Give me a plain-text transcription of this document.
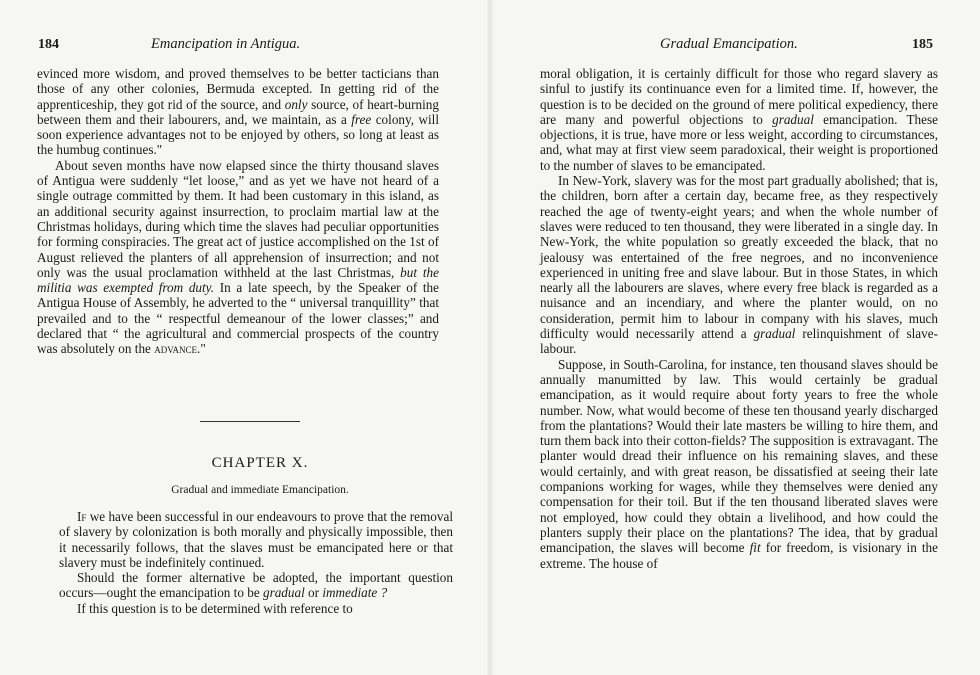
184	Emancipation in Antigua.

evinced more wisdom, and proved themselves to be better tacticians than those of any other colonies, Bermuda excepted. In getting rid of the apprenticeship, they got rid of the source, and only source, of heart-burning between them and their labourers, and, we maintain, as a free colony, will soon experience advantages not to be enjoyed by others, so long at least as the humbug continues."

About seven months have now elapsed since the thirty thousand slaves of Antigua were suddenly “let loose,” and as yet we have not heard of a single outrage committed by them. It had been customary in this island, as an additional security against insurrection, to proclaim martial law at the Christmas holidays, during which time the slaves had peculiar opportunities for forming conspiracies. The great act of justice accomplished on the 1st of August relieved the planters of all apprehension of insurrection; and not only was the usual proclamation withheld at the last Christmas, but the militia was exempted from duty. In a late speech, by the Speaker of the Antigua House of Assembly, he adverted to the “ universal tranquillity” that prevailed and to the “ respectful demeanour of the lower classes;” and declared that “ the agricultural and commercial prospects of the country was absolutely on the advance."

CHAPTER X.
Gradual and immediate Emancipation.

If we have been successful in our endeavours to prove that the removal of slavery by colonization is both morally and physically impossible, then it necessarily follows, that the slaves must be emancipated here or that slavery must be indefinitely continued.

Should the former alternative be adopted, the important question occurs—ought the emancipation to be gradual or immediate ?

If this question is to be determined with reference to

Gradual Emancipation.	185

moral obligation, it is certainly difficult for those who regard slavery as sinful to justify its continuance even for a limited time. If, however, the question is to be decided on the ground of mere political expediency, there are many and powerful objections to gradual emancipation. These objections, it is true, have more or less weight, according to circumstances, and, what may at first view seem paradoxical, their weight is proportioned to the number of slaves to be emancipated.

In New-York, slavery was for the most part gradually abolished; that is, the children, born after a certain day, became free, as they respectively reached the age of twenty-eight years; and when the whole number of slaves were reduced to ten thousand, they were liberated in a single day. In New-York, the white population so greatly exceeded the black, that no jealousy was entertained of the free negroes, and no inconvenience experienced in uniting free and slave labour. But in those States, in which nearly all the labourers are slaves, where every free black is regarded as a nuisance and an incendiary, and where the planter would, on no consideration, permit him to labour in company with his slaves, much difficulty would necessarily attend a gradual relinquishment of slave-labour.

Suppose, in South-Carolina, for instance, ten thousand slaves should be annually manumitted by law. This would certainly be gradual emancipation, as it would require about forty years to free the whole number. Now, what would become of these ten thousand yearly discharged from the plantations? Would their late masters be willing to hire them, and turn them back into their cotton-fields? The supposition is extravagant. The planter would dread their influence on his remaining slaves, and these would certainly, and with great reason, be dissatisfied at seeing their late companions working for wages, while they themselves were denied any compensation for their toil. But if the ten thousand liberated slaves were not employed, how could they obtain a livelihood, and how could the planters supply their place on the plantations? The idea, that by gradual emancipation, the slaves will become fit for freedom, is visionary in the extreme. The house of
